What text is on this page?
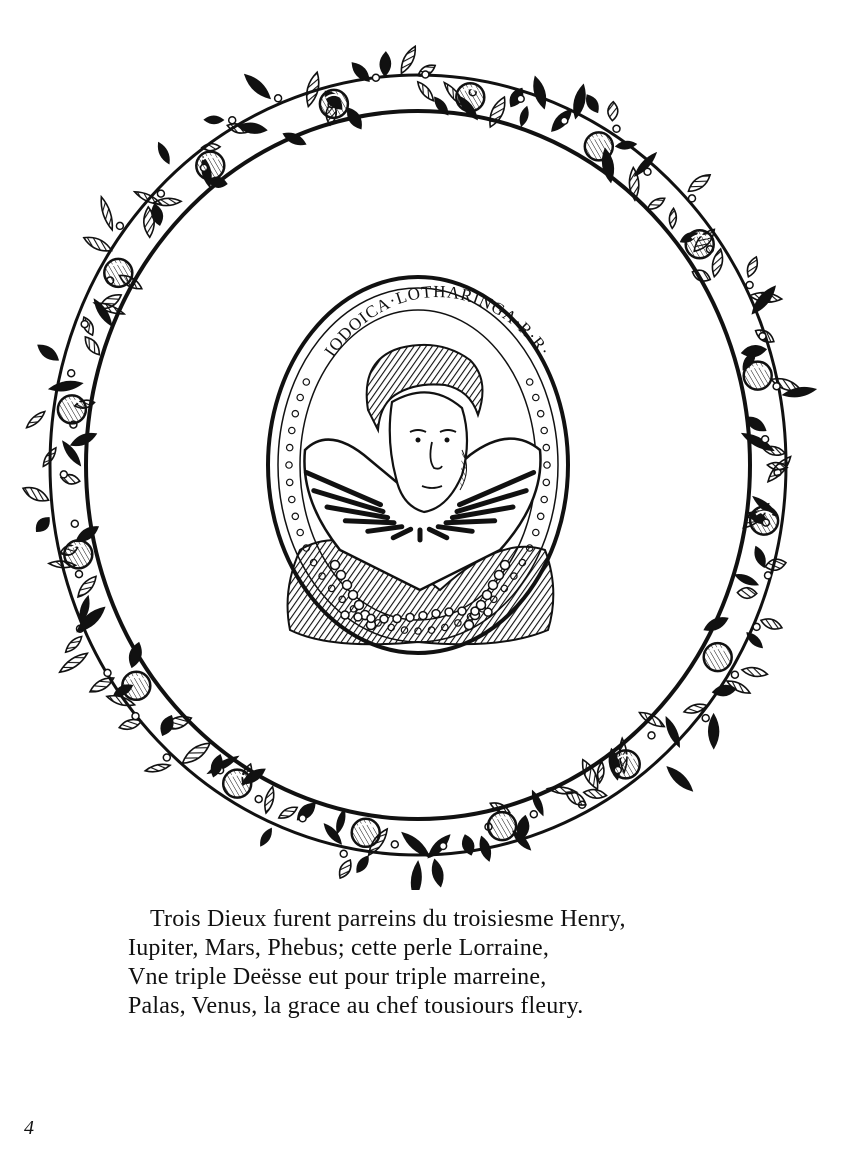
IODOICA·LOTHARINGA·R·R·
Trois Dieux furent parreins du troisiesme Henry,
Iupiter, Mars, Phebus; cette perle Lorraine,
Vne triple Deësse eut pour triple marreine,
Palas, Venus, la grace au chef tousiours fleury.
4
